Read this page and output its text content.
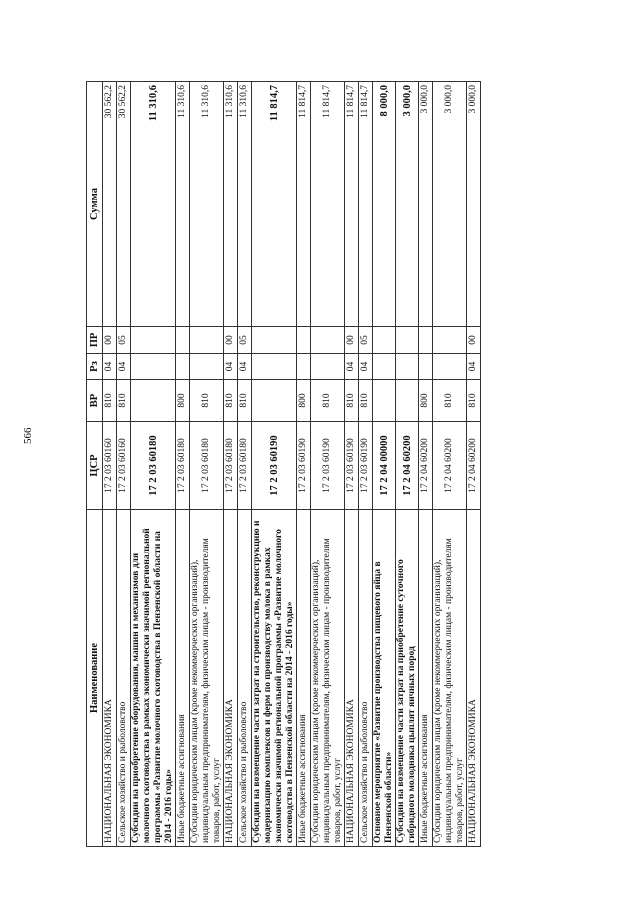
566
Наименование	ЦСР	ВР	Рз	ПР	Сумма
НАЦИОНАЛЬНАЯ ЭКОНОМИКА	17 2 03 60160	810	04	00	30 562,2
Сельское хозяйство и рыболовство	17 2 03 60160	810	04	05	30 562,2
Субсидии на приобретение оборудования, машин и механизмов для молочного скотоводства в рамках экономически значимой региональной программы «Развитие молочного скотоводства в Пензенской области на 2014 - 2016 годы»	17 2 03 60180				11 310,6
Иные бюджетные ассигнования	17 2 03 60180	800			11 310,6
Субсидии юридическим лицам (кроме некоммерческих организаций), индивидуальным предпринимателям, физическим лицам - производителям товаров, работ, услуг	17 2 03 60180	810			11 310,6
НАЦИОНАЛЬНАЯ ЭКОНОМИКА	17 2 03 60180	810	04	00	11 310,6
Сельское хозяйство и рыболовство	17 2 03 60180	810	04	05	11 310,6
Субсидии на возмещение части затрат на строительство, реконструкцию и модернизацию комплексов и ферм по производству молока в рамках экономически значимой региональной программы «Развитие молочного скотоводства в Пензенской области на 2014 - 2016 годы»	17 2 03 60190				11 814,7
Иные бюджетные ассигнования	17 2 03 60190	800			11 814,7
Субсидии юридическим лицам (кроме некоммерческих организаций), индивидуальным предпринимателям, физическим лицам - производителям товаров, работ, услуг	17 2 03 60190	810			11 814,7
НАЦИОНАЛЬНАЯ ЭКОНОМИКА	17 2 03 60190	810	04	00	11 814,7
Сельское хозяйство и рыболовство	17 2 03 60190	810	04	05	11 814,7
Основное мероприятие «Развитие производства пищевого яйца в Пензенской области»	17 2 04 00000				8 000,0
Субсидии на возмещение части затрат на приобретение суточного гибридного молодняка цыплят яичных пород	17 2 04 60200				3 000,0
Иные бюджетные ассигнования	17 2 04 60200	800			3 000,0
Субсидии юридическим лицам (кроме некоммерческих организаций), индивидуальным предпринимателям, физическим лицам - производителям товаров, работ, услуг	17 2 04 60200	810			3 000,0
НАЦИОНАЛЬНАЯ ЭКОНОМИКА	17 2 04 60200	810	04	00	3 000,0
